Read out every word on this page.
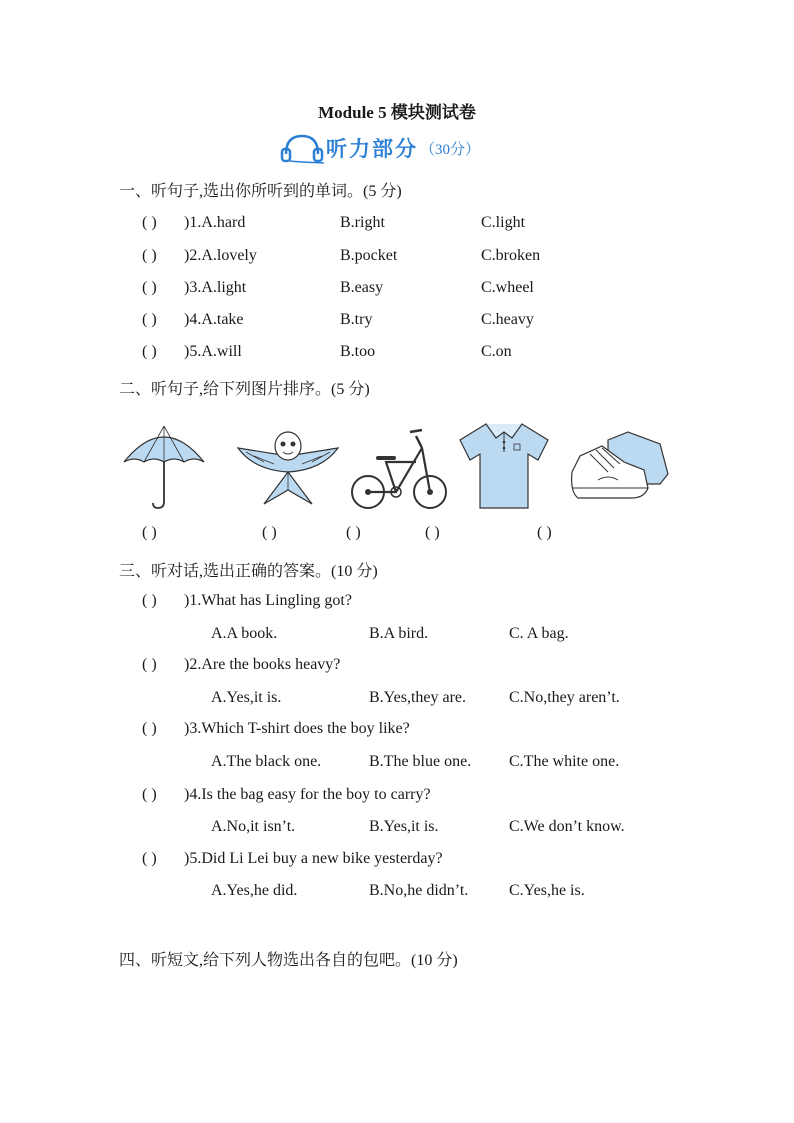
Module 5 模块测试卷
听力部分 （30分）
一、听句子,选出你所听到的单词。(5 分)
( ) )1.A.hard	B.right	C.light
( ) )2.A.lovely	B.pocket	C.broken
( ) )3.A.light	B.easy	C.wheel
( ) )4.A.take	B.try	C.heavy
( ) )5.A.will	B.too	C.on
二、听句子,给下列图片排序。(5 分)
( )	( )	( )	( )	( )
三、听对话,选出正确的答案。(10 分)
( ) )1.What has Lingling got?
A.A book.	B.A bird.	C. A bag.
( ) )2.Are the books heavy?
A.Yes,it is.	B.Yes,they are.	C.No,they aren’t.
( ) )3.Which T-shirt does the boy like?
A.The black one.	B.The blue one. C.The white one.
( ) )4.Is the bag easy for the boy to carry?
A.No,it isn’t.	B.Yes,it is.	C.We don’t know.
( ) )5.Did Li Lei buy a new bike yesterday?
A.Yes,he did.	B.No,he didn’t.	C.Yes,he is.
四、听短文,给下列人物选出各自的包吧。(10 分)
